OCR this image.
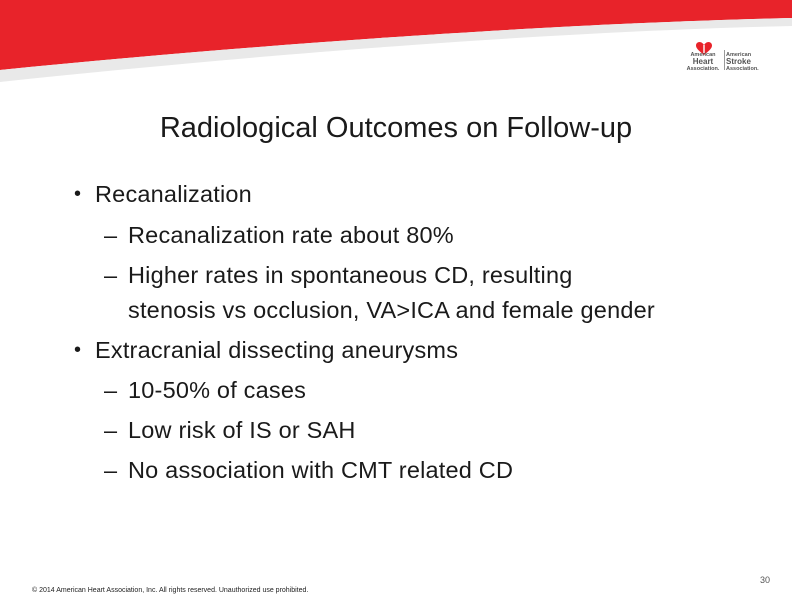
American
Heart
Association.
American
Stroke
Association.
Radiological Outcomes on Follow-up
• Recanalization
– Recanalization rate about 80%
– Higher rates in spontaneous CD, resulting
stenosis vs occlusion, VA>ICA and female gender
• Extracranial dissecting aneurysms
– 10-50% of cases
– Low risk of IS or SAH
– No association with CMT related CD
© 2014 American Heart Association, Inc. All rights reserved. Unauthorized use prohibited.
30
